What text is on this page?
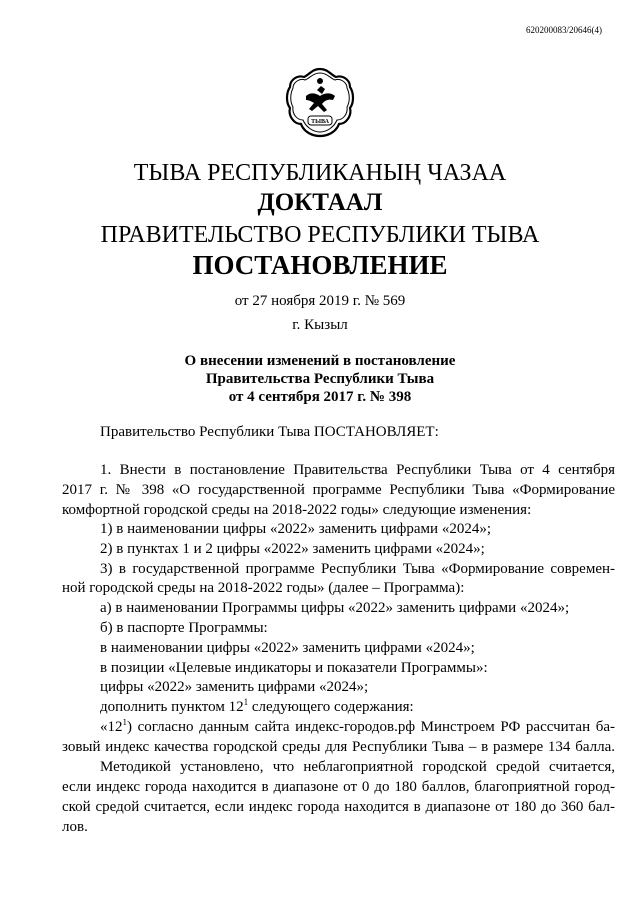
620200083/20646(4)
ТЫВА
ТЫВА РЕСПУБЛИКАНЫҢ ЧАЗАА
ДОКТААЛ
ПРАВИТЕЛЬСТВО РЕСПУБЛИКИ ТЫВА
ПОСТАНОВЛЕНИЕ
от 27 ноября 2019 г. № 569
г. Кызыл
О внесении изменений в постановление
Правительства Республики Тыва
от 4 сентября 2017 г. № 398
Правительство Республики Тыва ПОСТАНОВЛЯЕТ:
1. Внести в постановление Правительства Республики Тыва от 4 сентября
2017 г. № 398 «О государственной программе Республики Тыва «Формирование
комфортной городской среды на 2018-2022 годы» следующие изменения:
1) в наименовании цифры «2022» заменить цифрами «2024»;
2) в пунктах 1 и 2 цифры «2022» заменить цифрами «2024»;
3) в государственной программе Республики Тыва «Формирование современ-
ной городской среды на 2018-2022 годы» (далее – Программа):
а) в наименовании Программы цифры «2022» заменить цифрами «2024»;
б) в паспорте Программы:
в наименовании цифры «2022» заменить цифрами «2024»;
в позиции «Целевые индикаторы и показатели Программы»:
цифры «2022» заменить цифрами «2024»;
дополнить пунктом $12^1$ следующего содержания:
«$12^1$) согласно данным сайта индекс-городов.рф Минстроем РФ рассчитан ба-
зовый индекс качества городской среды для Республики Тыва – в размере 134 балла.
Методикой установлено, что неблагоприятной городской средой считается,
если индекс города находится в диапазоне от 0 до 180 баллов, благоприятной город-
ской средой считается, если индекс города находится в диапазоне от 180 до 360 бал-
лов.
